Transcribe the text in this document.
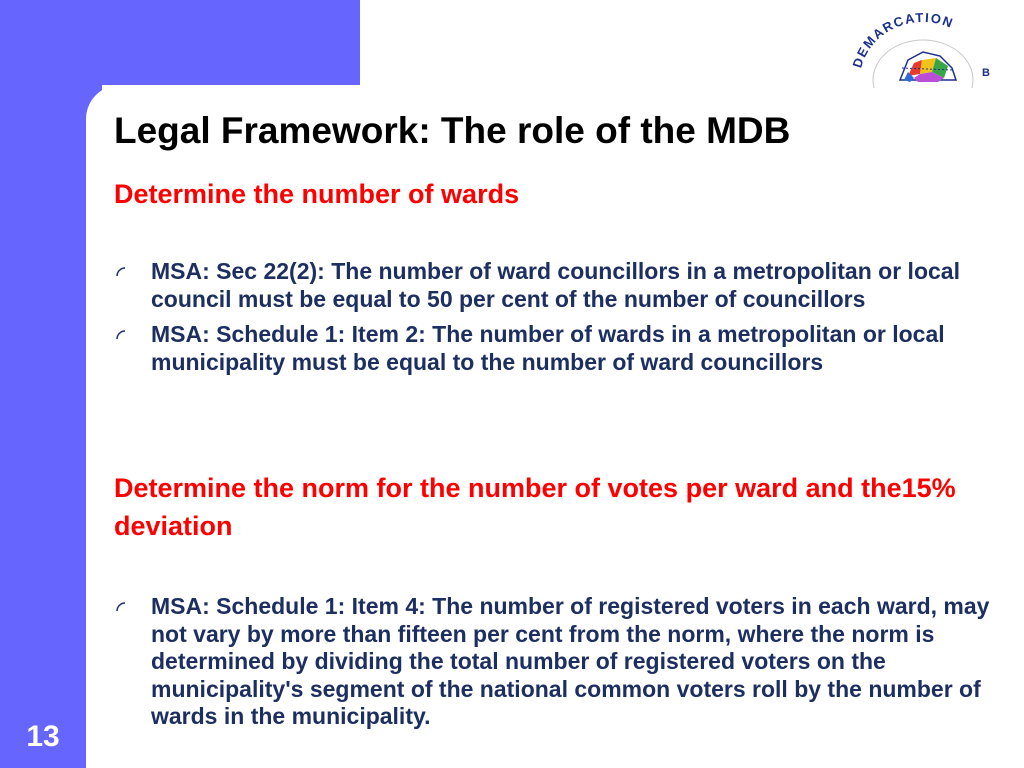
DEMARCATION
B
Legal Framework: The role of the MDB
Determine the number of wards
MSA: Sec 22(2): The number of ward councillors in a metropolitan or local council must be equal to 50 per cent of the number of councillors
MSA: Schedule 1: Item 2: The number of wards in a metropolitan or local municipality must be equal to the number of ward councillors
Determine the norm for the number of votes per ward and the15% deviation
MSA: Schedule 1: Item 4: The number of registered voters in each ward, may not vary by more than fifteen per cent from the norm, where the norm is determined by dividing the total number of registered voters on the municipality's segment of the national common voters roll by the number of wards in the municipality.
13
